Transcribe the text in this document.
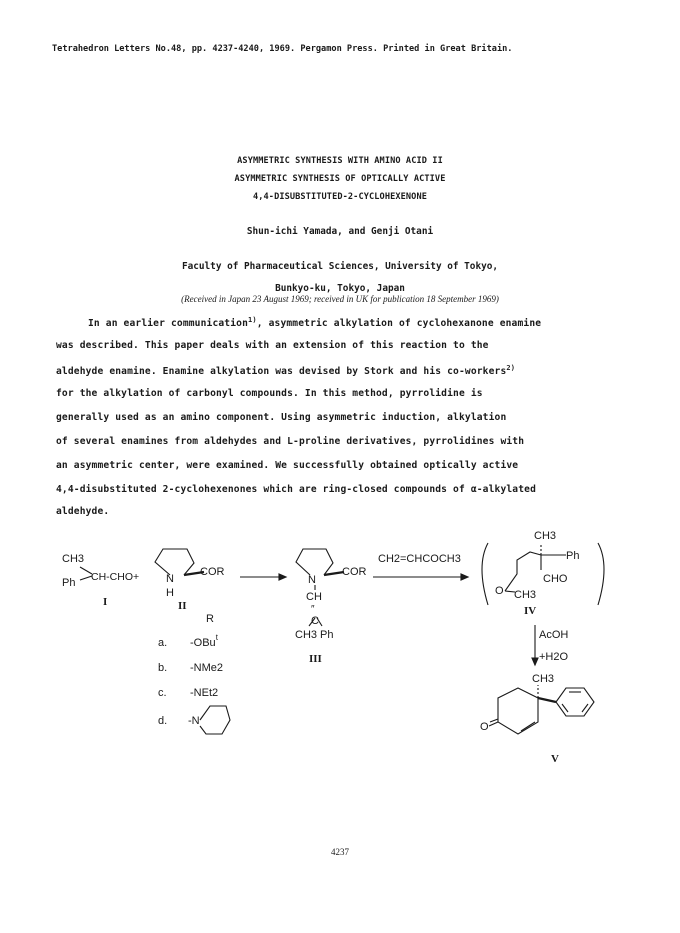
Tetrahedron Letters No.48, pp. 4237-4240, 1969. Pergamon Press. Printed in Great Britain.
ASYMMETRIC SYNTHESIS WITH AMINO ACID II
ASYMMETRIC SYNTHESIS OF OPTICALLY ACTIVE
4,4-DISUBSTITUTED-2-CYCLOHEXENONE
Shun-ichi Yamada, and Genji Otani
Faculty of Pharmaceutical Sciences, University of Tokyo,
Bunkyo-ku, Tokyo, Japan
(Received in Japan 23 August 1969; received in UK for publication 18 September 1969)
In an earlier communication$^{1)}$, asymmetric alkylation of cyclohexanone enamine
was described. This paper deals with an extension of this reaction to the
aldehyde enamine. Enamine alkylation was devised by Stork and his co-workers$^{2)}$
for the alkylation of carbonyl compounds. In this method, pyrrolidine is
generally used as an amino component. Using asymmetric induction, alkylation
of several enamines from aldehydes and L-proline derivatives, pyrrolidines with
an asymmetric center, were examined. We successfully obtained optically active
4,4-disubstituted 2-cyclohexenones which are ring-closed compounds of α-alkylated
aldehyde.
CH3
CH-CHO+
Ph
I
N
H
COR
II
R
a. -OBu$^t$
b. -NMe2
c. -NEt2
d. -N
N
COR
CH
″
C
CH3 Ph
III
CH2=CHCOCH3
CH3
Ph
CHO
O CH3
IV
AcOH
+H2O
CH3
O
V
4237
